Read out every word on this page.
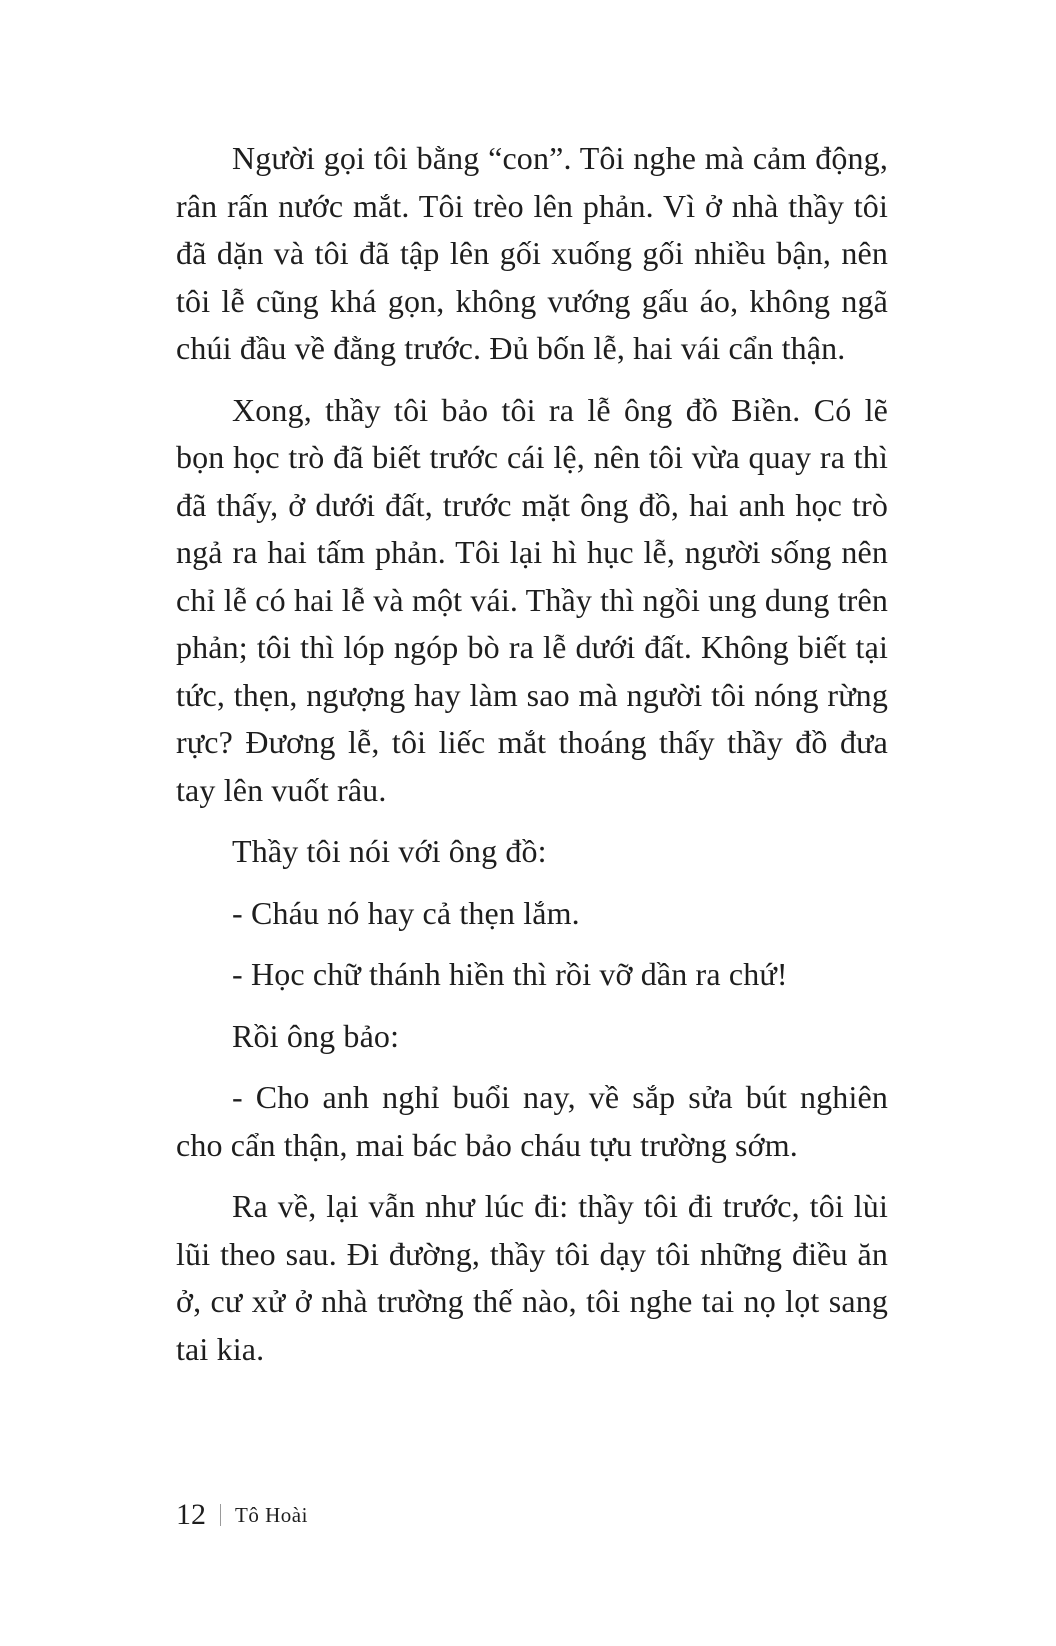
Người gọi tôi bằng “con”. Tôi nghe mà cảm động, rân rấn nước mắt. Tôi trèo lên phản. Vì ở nhà thầy tôi đã dặn và tôi đã tập lên gối xuống gối nhiều bận, nên tôi lễ cũng khá gọn, không vướng gấu áo, không ngã chúi đầu về đằng trước. Đủ bốn lễ, hai vái cẩn thận.

Xong, thầy tôi bảo tôi ra lễ ông đồ Biền. Có lẽ bọn học trò đã biết trước cái lệ, nên tôi vừa quay ra thì đã thấy, ở dưới đất, trước mặt ông đồ, hai anh học trò ngả ra hai tấm phản. Tôi lại hì hục lễ, người sống nên chỉ lễ có hai lễ và một vái. Thầy thì ngồi ung dung trên phản; tôi thì lóp ngóp bò ra lễ dưới đất. Không biết tại tức, thẹn, ngượng hay làm sao mà người tôi nóng rừng rực? Đương lễ, tôi liếc mắt thoáng thấy thầy đồ đưa tay lên vuốt râu.

Thầy tôi nói với ông đồ:

- Cháu nó hay cả thẹn lắm.

- Học chữ thánh hiền thì rồi vỡ dần ra chứ!

Rồi ông bảo:

- Cho anh nghỉ buổi nay, về sắp sửa bút nghiên cho cẩn thận, mai bác bảo cháu tựu trường sớm.

Ra về, lại vẫn như lúc đi: thầy tôi đi trước, tôi lùi lũi theo sau. Đi đường, thầy tôi dạy tôi những điều ăn ở, cư xử ở nhà trường thế nào, tôi nghe tai nọ lọt sang tai kia.

12 Tô Hoài
